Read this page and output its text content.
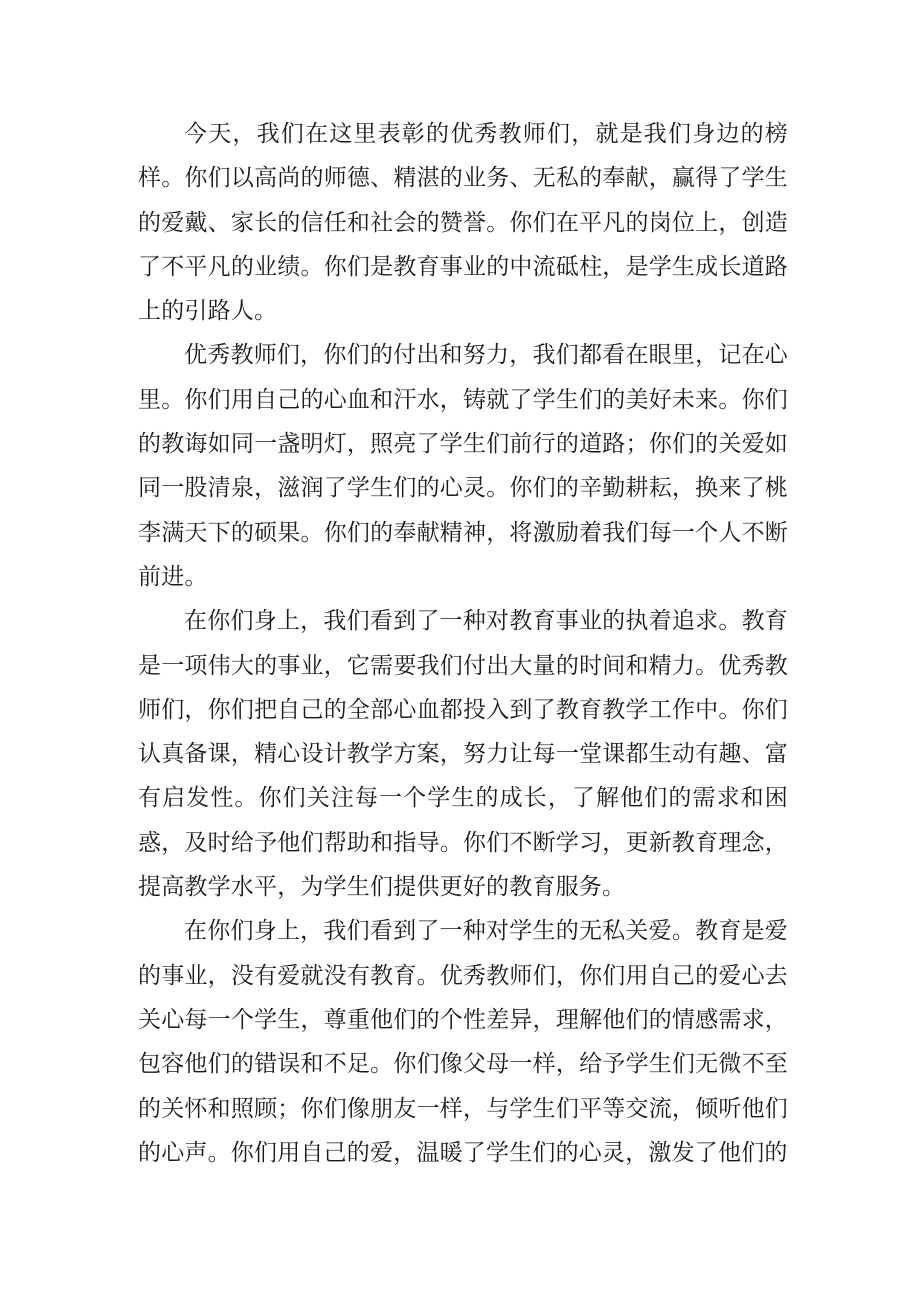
今天，我们在这里表彰的优秀教师们，就是我们身边的榜样。你们以高尚的师德、精湛的业务、无私的奉献，赢得了学生的爱戴、家长的信任和社会的赞誉。你们在平凡的岗位上，创造了不平凡的业绩。你们是教育事业的中流砥柱，是学生成长道路上的引路人。

优秀教师们，你们的付出和努力，我们都看在眼里，记在心里。你们用自己的心血和汗水，铸就了学生们的美好未来。你们的教诲如同一盏明灯，照亮了学生们前行的道路；你们的关爱如同一股清泉，滋润了学生们的心灵。你们的辛勤耕耘，换来了桃李满天下的硕果。你们的奉献精神，将激励着我们每一个人不断前进。

在你们身上，我们看到了一种对教育事业的执着追求。教育是一项伟大的事业，它需要我们付出大量的时间和精力。优秀教师们，你们把自己的全部心血都投入到了教育教学工作中。你们认真备课，精心设计教学方案，努力让每一堂课都生动有趣、富有启发性。你们关注每一个学生的成长，了解他们的需求和困惑，及时给予他们帮助和指导。你们不断学习，更新教育理念，提高教学水平，为学生们提供更好的教育服务。

在你们身上，我们看到了一种对学生的无私关爱。教育是爱的事业，没有爱就没有教育。优秀教师们，你们用自己的爱心去关心每一个学生，尊重他们的个性差异，理解他们的情感需求，包容他们的错误和不足。你们像父母一样，给予学生们无微不至的关怀和照顾；你们像朋友一样，与学生们平等交流，倾听他们的心声。你们用自己的爱，温暖了学生们的心灵，激发了他们的
